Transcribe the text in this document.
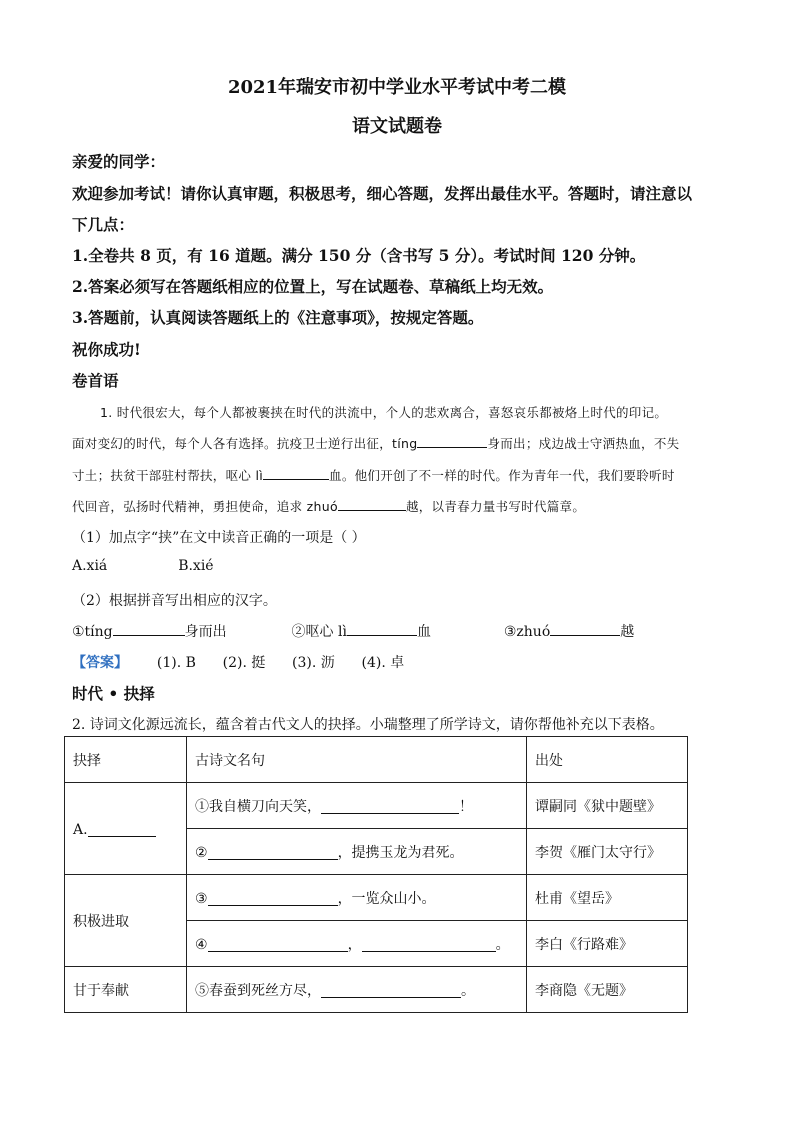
2021年瑞安市初中学业水平考试中考二模
语文试题卷
亲爱的同学：
欢迎参加考试！请你认真审题，积极思考，细心答题，发挥出最佳水平。答题时，请注意以
下几点：
1.全卷共 8 页，有 16 道题。满分 150 分（含书写 5 分）。考试时间 120 分钟。
2.答案必须写在答题纸相应的位置上，写在试题卷、草稿纸上均无效。
3.答题前，认真阅读答题纸上的《注意事项》，按规定答题。
祝你成功!
卷首语
1. 时代很宏大，每个人都被裹挟在时代的洪流中，个人的悲欢离合，喜怒哀乐都被烙上时代的印记。
面对变幻的时代，每个人各有选择。抗疫卫士逆行出征，tíng	身而出；戍边战士守洒热血，不失
寸土；扶贫干部驻村帮扶，呕心 lì	血。他们开创了不一样的时代。作为青年一代，我们要聆听时
代回音，弘扬时代精神，勇担使命，追求 zhuó	越，以青春力量书写时代篇章。
（1）加点字“挟”在文中读音正确的一项是（ ）
A.xiá	B.xié
（2）根据拼音写出相应的汉字。
①tíng	身而出	②呕心 lì	血	③zhuó	越
【答案】 (1). B      (2). 挺      (3). 沥      (4). 卓
时代 • 抉择
2. 诗词文化源远流长，蕴含着古代文人的抉择。小瑞整理了所学诗文，请你帮他补充以下表格。
抉择	古诗文名句	出处
A.	①我自横刀向天笑， ！	谭嗣同《狱中题壁》
	② ，提携玉龙为君死。	李贺《雁门太守行》
积极进取	③ ，一览众山小。	杜甫《望岳》
	④ ， 。	李白《行路难》
甘于奉献	⑤春蚕到死丝方尽， 。	李商隐《无题》
